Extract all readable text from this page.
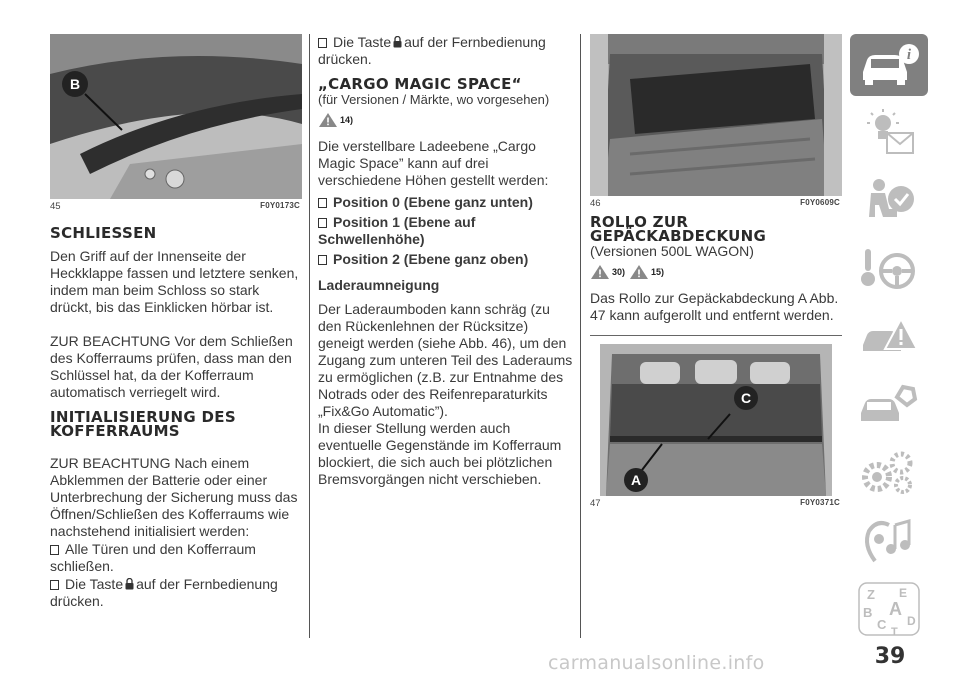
B
45	F0Y0173C
SCHLIESSEN

Den Griff auf der Innenseite der Heckklappe fassen und letztere senken, indem man beim Schloss so stark drückt, bis das Einklicken hörbar ist.

ZUR BEACHTUNG Vor dem Schließen des Kofferraums prüfen, dass man den Schlüssel hat, da der Kofferraum automatisch verriegelt wird.

INITIALISIERUNG DES
KOFFERRAUMS

ZUR BEACHTUNG Nach einem Abklemmen der Batterie oder einer Unterbrechung der Sicherung muss das Öffnen/Schließen des Kofferraums wie nachstehend initialisiert werden:

Alle Türen und den Kofferraum schließen.

Die Taste auf der Fernbedienung drücken.

Die Taste auf der Fernbedienung drücken.

„CARGO MAGIC SPACE“
(für Versionen / Märkte, wo vorgesehen)
14)

Die verstellbare Ladeebene „Cargo Magic Space” kann auf drei verschiedene Höhen gestellt werden:

Position 0 (Ebene ganz unten)

Position 1 (Ebene auf Schwellenhöhe)

Position 2 (Ebene ganz oben)

Laderaumneigung

Der Laderaumboden kann schräg (zu den Rückenlehnen der Rücksitze) geneigt werden (siehe Abb. 46), um den Zugang zum unteren Teil des Laderaums zu ermöglichen (z.B. zur Entnahme des Notrads oder des Reifenreparaturkits „Fix&Go Automatic”).

In dieser Stellung werden auch eventuelle Gegenstände im Kofferraum blockiert, die sich auch bei plötzlichen Bremsvorgängen nicht verschieben.

46	F0Y0609C
ROLLO ZUR
GEPÄCKABDECKUNG
(Versionen 500L WAGON)
30)	15)

Das Rollo zur Gepäckabdeckung A Abb. 47 kann aufgerollt und entfernt werden.

C
A
47	F0Y0371C
i
Z E
B A
C D
T
carmanualsonline.info	39
